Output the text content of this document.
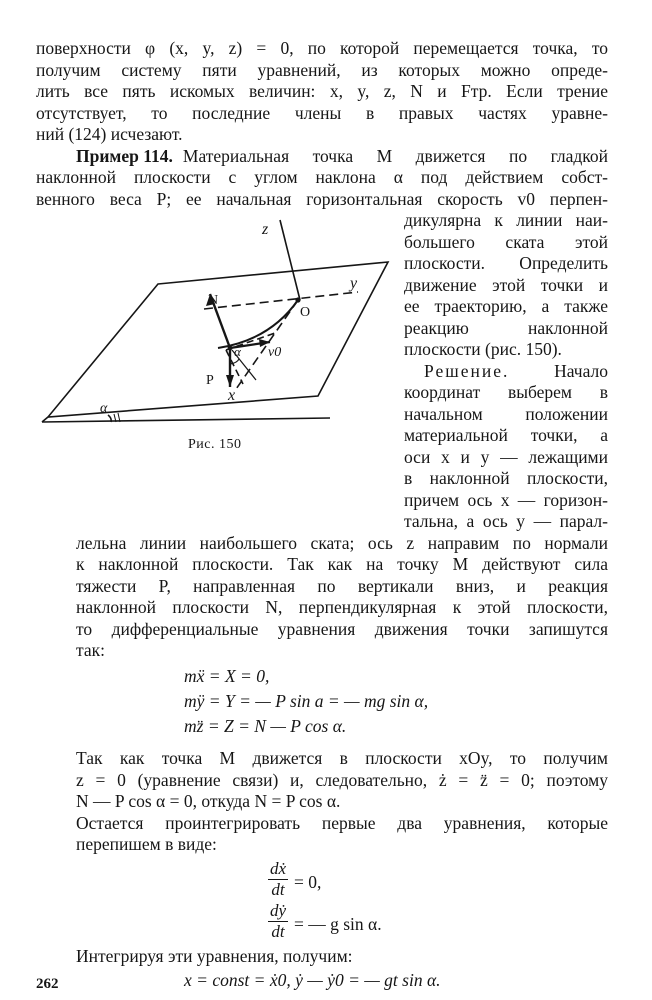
поверхности φ (x, y, z) = 0, по которой перемещается точка, то
получим систему пяти уравнений, из которых можно опреде-
лить все пять искомых величин: x, y, z, N и Fтр. Если трение
отсутствует, то последние члены в правых частях уравне-
ний (124) исчезают.
Пример 114. Материальная точка M движется по гладкой
наклонной плоскости с углом наклона α под действием собст-
венного веса P; ее начальная горизонтальная скорость v0 перпен-
дикулярна к линии наи-
большего ската этой
плоскости. Определить
движение этой точки и
ее траекторию, а также
реакцию наклонной
плоскости (рис. 150).
Решение.	Начало
координат выберем в
начальном положении
материальной точки, а
оси x и y — лежащими
в наклонной плоскости,
причем ось x — горизон-
тальна, а ось y — парал-
z
y
O
N
α v0
P
x
α
Рис. 150
лельна линии наибольшего ската; ось z направим по нормали
к наклонной плоскости. Так как на точку M действуют сила
тяжести P, направленная по вертикали вниз, и реакция
наклонной плоскости N, перпендикулярная к этой плоскости,
то дифференциальные уравнения движения точки запишутся
так:
mẍ = X = 0,
mÿ = Y = — P sin a = — mg sin α,
mz̈ = Z = N — P cos α.
Так как точка M движется в плоскости xOy, то получим
z = 0 (уравнение связи) и, следовательно, ż = z̈ = 0; поэтому
N — P cos α = 0, откуда N = P cos α.
Остается проинтегрировать первые два уравнения, которые
перепишем в виде:
dẋ
dt = 0,
dẏ
dt = — g sin α.
Интегрируя эти уравнения, получим:
x = const = ẋ0, ẏ — ẏ0 = — gt sin α.
262
